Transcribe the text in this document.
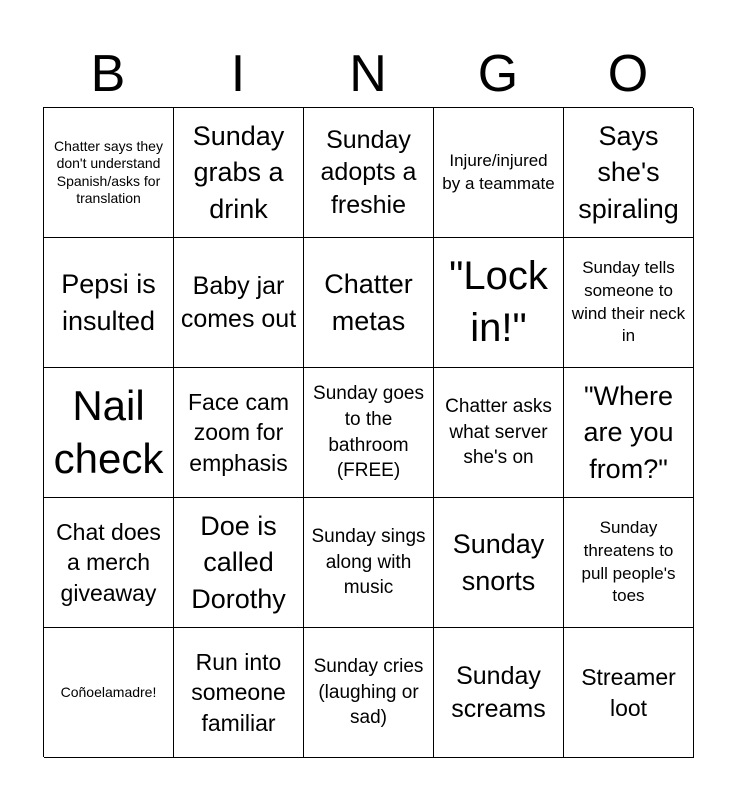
B	I	N	G	O
Chatter says they don't understand Spanish/asks for translation
Sunday grabs a drink
Sunday adopts a freshie
Injure/injured by a teammate
Says she's spiraling
Pepsi is insulted
Baby jar comes out
Chatter metas
"Lock in!"
Sunday tells someone to wind their neck in
Nail check
Face cam zoom for emphasis
Sunday goes to the bathroom (FREE)
Chatter asks what server she's on
"Where are you from?"
Chat does a merch giveaway
Doe is called Dorothy
Sunday sings along with music
Sunday snorts
Sunday threatens to pull people's toes
Coñoelamadre!
Run into someone familiar
Sunday cries (laughing or sad)
Sunday screams
Streamer loot
